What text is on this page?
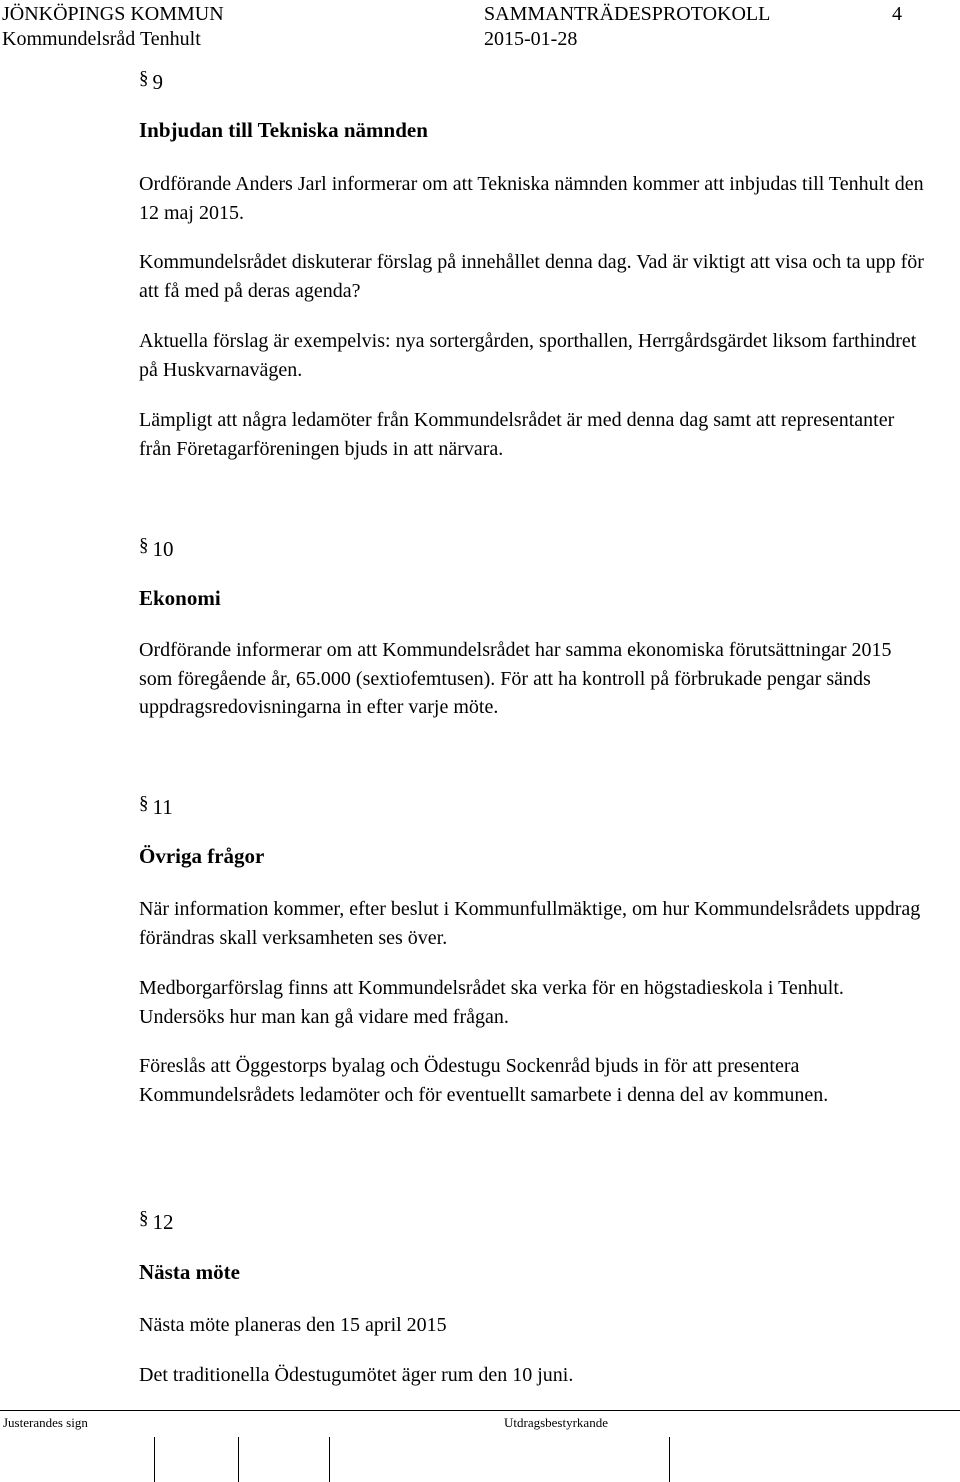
JÖNKÖPINGS KOMMUN
Kommundelsråd Tenhult
SAMMANTRÄDESPROTOKOLL
2015-01-28
4
§ 9
Inbjudan till Tekniska nämnden

Ordförande Anders Jarl informerar om att Tekniska nämnden kommer att inbjudas till Tenhult den 12 maj 2015.

Kommundelsrådet diskuterar förslag på innehållet denna dag. Vad är viktigt att visa och ta upp för att få med på deras agenda?

Aktuella förslag är exempelvis: nya sortergården, sporthallen, Herrgårdsgärdet liksom farthindret på Huskvarnavägen.

Lämpligt att några ledamöter från Kommundelsrådet är med denna dag samt att representanter från Företagarföreningen bjuds in att närvara.

§ 10
Ekonomi

Ordförande informerar om att Kommundelsrådet har samma ekonomiska förutsättningar 2015 som föregående år, 65.000 (sextiofemtusen). För att ha kontroll på förbrukade pengar sänds uppdragsredovisningarna in efter varje möte.

§ 11
Övriga frågor

När information kommer, efter beslut i Kommunfullmäktige, om hur Kommundelsrådets uppdrag förändras skall verksamheten ses över.

Medborgarförslag finns att Kommundelsrådet ska verka för en högstadieskola i Tenhult. Undersöks hur man kan gå vidare med frågan.

Föreslås att Öggestorps byalag och Ödestugu Sockenråd bjuds in för att presentera Kommundelsrådets ledamöter och för eventuellt samarbete i denna del av kommunen.

§ 12
Nästa möte

Nästa möte planeras den 15 april 2015

Det traditionella Ödestugumötet äger rum den 10 juni.

Justerandes sign	Utdragsbestyrkande
